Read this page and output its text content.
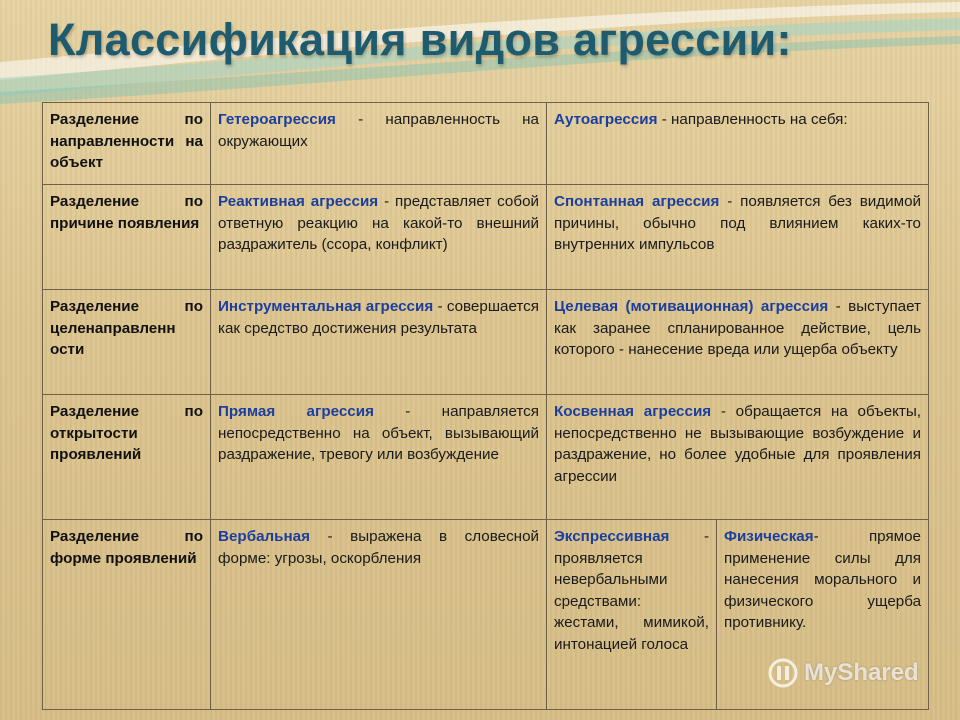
Классификация видов агрессии:
Разделение по направленности на объект	Гетероагрессия - направленность на окружающих	Аутоагрессия - направленность на себя:	
Разделение по причине появления	Реактивная агрессия - представляет собой ответную реакцию на какой-то внешний раздражитель (ссора, конфликт)	Спонтанная агрессия - появляется без видимой причины, обычно под влиянием каких-то внутренних импульсов	
Разделение по целенаправленн ости	Инструментальная агрессия - совершается как средство достижения результата	Целевая (мотивационная) агрессия - выступает как заранее спланированное действие, цель которого - нанесение вреда или ущерба объекту	
Разделение по открытости проявлений	Прямая агрессия - направляется непосредственно на объект, вызывающий раздражение, тревогу или возбуждение	Косвенная агрессия - обращается на объекты, непосредственно не вызывающие возбуждение и раздражение, но более удобные для проявления агрессии	
Разделение по форме проявлений	Вербальная - выражена в словесной форме: угрозы, оскорбления	Экспрессивная - проявляется невербальными средствами: жестами, мимикой, интонацией голоса	Физическая- прямое применение силы для нанесения морального и физического ущерба противнику.
MyShared
